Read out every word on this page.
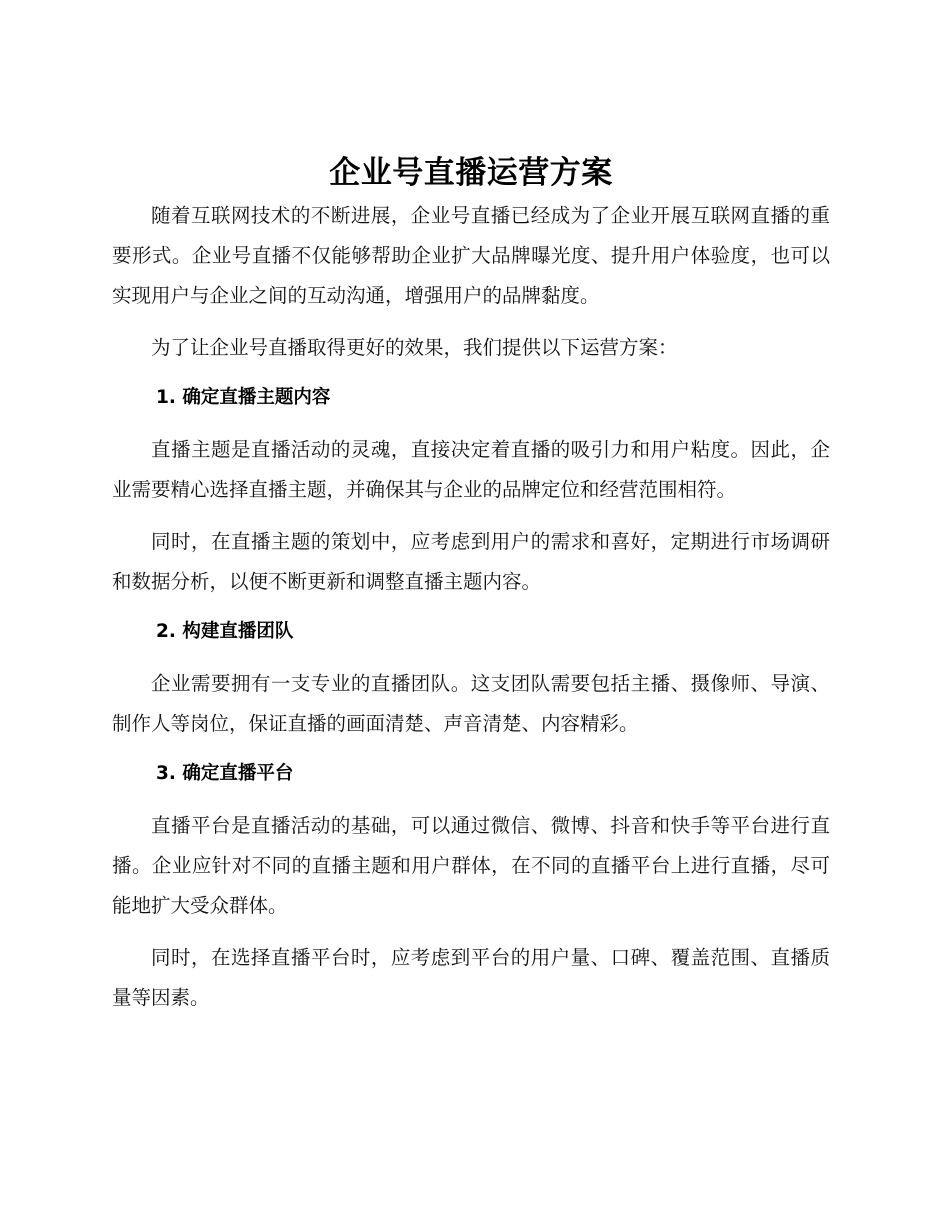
企业号直播运营方案

随着互联网技术的不断进展，企业号直播已经成为了企业开展互联网直播的重要形式。企业号直播不仅能够帮助企业扩大品牌曝光度、提升用户体验度，也可以实现用户与企业之间的互动沟通，增强用户的品牌黏度。

为了让企业号直播取得更好的效果，我们提供以下运营方案：

1. 确定直播主题内容

直播主题是直播活动的灵魂，直接决定着直播的吸引力和用户粘度。因此，企业需要精心选择直播主题，并确保其与企业的品牌定位和经营范围相符。

同时，在直播主题的策划中，应考虑到用户的需求和喜好，定期进行市场调研和数据分析，以便不断更新和调整直播主题内容。

2. 构建直播团队

企业需要拥有一支专业的直播团队。这支团队需要包括主播、摄像师、导演、制作人等岗位，保证直播的画面清楚、声音清楚、内容精彩。

3. 确定直播平台

直播平台是直播活动的基础，可以通过微信、微博、抖音和快手等平台进行直播。企业应针对不同的直播主题和用户群体，在不同的直播平台上进行直播，尽可能地扩大受众群体。

同时，在选择直播平台时，应考虑到平台的用户量、口碑、覆盖范围、直播质量等因素。
